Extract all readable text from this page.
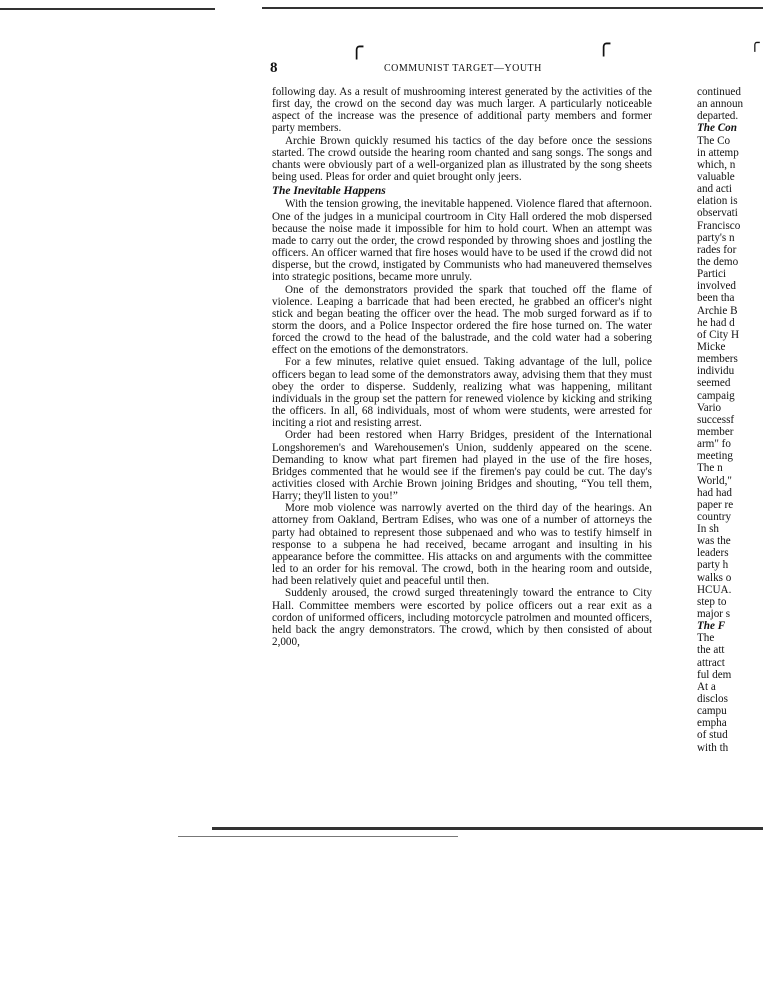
╭	╭	╭
8	COMMUNIST TARGET—YOUTH

following day. As a result of mushrooming interest generated by the activities of the first day, the crowd on the second day was much larger. A particularly noticeable aspect of the increase was the presence of additional party members and former party members.

Archie Brown quickly resumed his tactics of the day before once the sessions started. The crowd outside the hearing room chanted and sang songs. The songs and chants were obviously part of a well-organized plan as illustrated by the song sheets being used. Pleas for order and quiet brought only jeers.

The Inevitable Happens

With the tension growing, the inevitable happened. Violence flared that afternoon. One of the judges in a municipal courtroom in City Hall ordered the mob dispersed because the noise made it impossible for him to hold court. When an attempt was made to carry out the order, the crowd responded by throwing shoes and jostling the officers. An officer warned that fire hoses would have to be used if the crowd did not disperse, but the crowd, instigated by Communists who had maneuvered themselves into strategic positions, became more unruly.

One of the demonstrators provided the spark that touched off the flame of violence. Leaping a barricade that had been erected, he grabbed an officer's night stick and began beating the officer over the head. The mob surged forward as if to storm the doors, and a Police Inspector ordered the fire hose turned on. The water forced the crowd to the head of the balustrade, and the cold water had a sobering effect on the emotions of the demonstrators.

For a few minutes, relative quiet ensued. Taking advantage of the lull, police officers began to lead some of the demonstrators away, advising them that they must obey the order to disperse. Suddenly, realizing what was happening, militant individuals in the group set the pattern for renewed violence by kicking and striking the officers. In all, 68 individuals, most of whom were students, were arrested for inciting a riot and resisting arrest.

Order had been restored when Harry Bridges, president of the International Longshoremen's and Warehousemen's Union, suddenly appeared on the scene. Demanding to know what part firemen had played in the use of the fire hoses, Bridges commented that he would see if the firemen's pay could be cut. The day's activities closed with Archie Brown joining Bridges and shouting, “You tell them, Harry; they'll listen to you!”

More mob violence was narrowly averted on the third day of the hearings. An attorney from Oakland, Bertram Edises, who was one of a number of attorneys the party had obtained to represent those subpenaed and who was to testify himself in response to a subpena he had received, became arrogant and insulting in his appearance before the committee. His attacks on and arguments with the committee led to an order for his removal. The crowd, both in the hearing room and outside, had been relatively quiet and peaceful until then.

Suddenly aroused, the crowd surged threateningly toward the entrance to City Hall. Committee members were escorted by police officers out a rear exit as a cordon of uniformed officers, including motorcycle patrolmen and mounted officers, held back the angry demonstrators. The crowd, which by then consisted of about 2,000,

continued
an announ
departed.
The Con
The Co
in attemp
which, n
valuable
and acti
elation is
observati
Francisco
party's n
rades for
the demo
Partici
involved
been tha
Archie B
he had d
of City H
Micke
members
individu
seemed
campaig
Vario
successf
member
arm" fo
meeting
The n
World,"
had had
paper re
country
In sh
was the
leaders
party h
walks o
HCUA.
step to
major s
The F
The
the att
attract
ful dem
At a
disclos
campu
empha
of stud
with th
